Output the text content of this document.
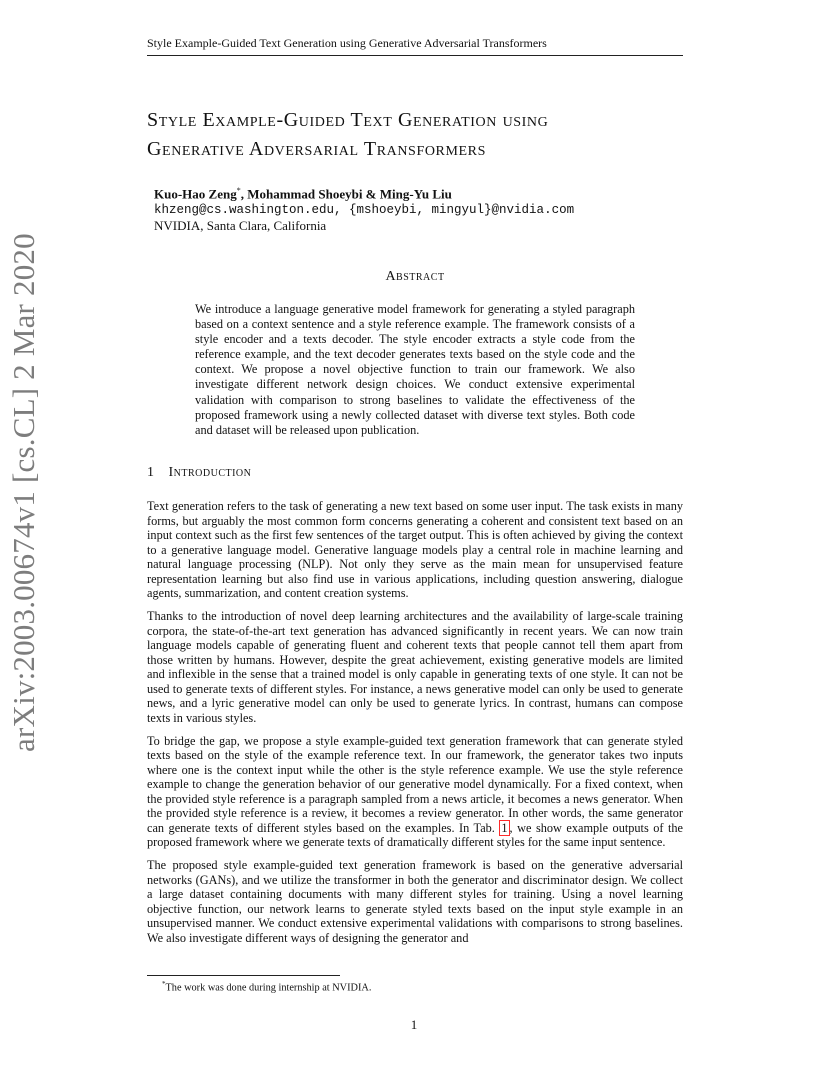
Style Example-Guided Text Generation using Generative Adversarial Transformers
arXiv:2003.00674v1 [cs.CL] 2 Mar 2020
Style Example-Guided Text Generation using
Generative Adversarial Transformers
Kuo-Hao Zeng*, Mohammad Shoeybi & Ming-Yu Liu
khzeng@cs.washington.edu, {mshoeybi, mingyul}@nvidia.com
NVIDIA, Santa Clara, California
Abstract

We introduce a language generative model framework for generating a styled paragraph based on a context sentence and a style reference example. The framework consists of a style encoder and a texts decoder. The style encoder extracts a style code from the reference example, and the text decoder generates texts based on the style code and the context. We propose a novel objective function to train our framework. We also investigate different network design choices. We conduct extensive experimental validation with comparison to strong baselines to validate the effectiveness of the proposed framework using a newly collected dataset with diverse text styles. Both code and dataset will be released upon publication.

1 Introduction

Text generation refers to the task of generating a new text based on some user input. The task exists in many forms, but arguably the most common form concerns generating a coherent and consistent text based on an input context such as the first few sentences of the target output. This is often achieved by giving the context to a generative language model. Generative language models play a central role in machine learning and natural language processing (NLP). Not only they serve as the main mean for unsupervised feature representation learning but also find use in various applications, including question answering, dialogue agents, summarization, and content creation systems.

Thanks to the introduction of novel deep learning architectures and the availability of large-scale training corpora, the state-of-the-art text generation has advanced significantly in recent years. We can now train language models capable of generating fluent and coherent texts that people cannot tell them apart from those written by humans. However, despite the great achievement, existing generative models are limited and inflexible in the sense that a trained model is only capable in generating texts of one style. It can not be used to generate texts of different styles. For instance, a news generative model can only be used to generate news, and a lyric generative model can only be used to generate lyrics. In contrast, humans can compose texts in various styles.

To bridge the gap, we propose a style example-guided text generation framework that can generate styled texts based on the style of the example reference text. In our framework, the generator takes two inputs where one is the context input while the other is the style reference example. We use the style reference example to change the generation behavior of our generative model dynamically. For a fixed context, when the provided style reference is a paragraph sampled from a news article, it becomes a news generator. When the provided style reference is a review, it becomes a review generator. In other words, the same generator can generate texts of different styles based on the examples. In Tab. 1 , we show example outputs of the proposed framework where we generate texts of dramatically different styles for the same input sentence.

The proposed style example-guided text generation framework is based on the generative adversarial networks (GANs), and we utilize the transformer in both the generator and discriminator design. We collect a large dataset containing documents with many different styles for training. Using a novel learning objective function, our network learns to generate styled texts based on the input style example in an unsupervised manner. We conduct extensive experimental validations with comparisons to strong baselines. We also investigate different ways of designing the generator and

*The work was done during internship at NVIDIA.
1
